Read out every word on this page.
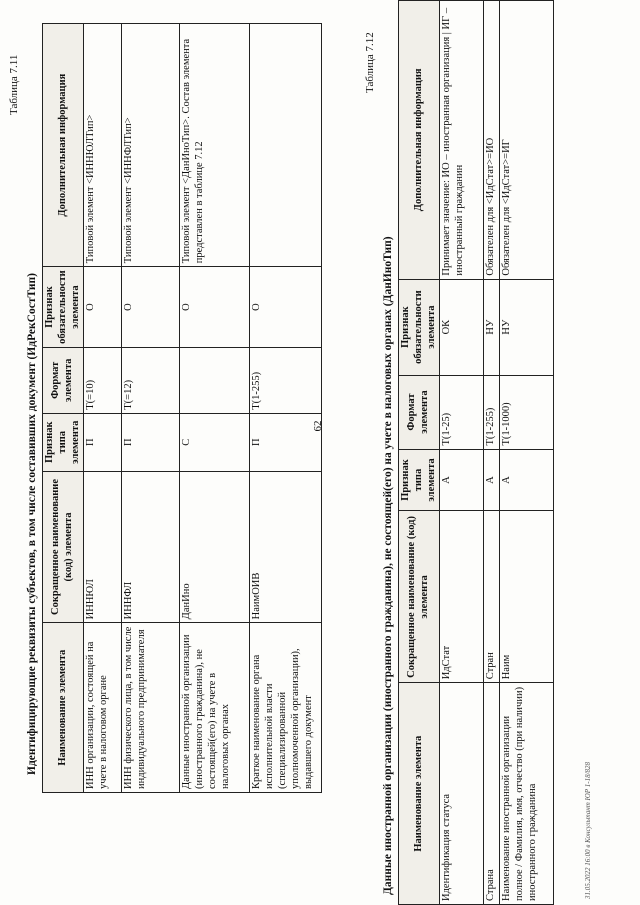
62
Таблица 7.11
Идентифицирующие реквизиты субъектов, в том числе составивших документ (ИдРекСостТип) Наименование элемента	Сокращенное наименование (код) элемента	Признак типа элемента	Формат элемента	Признак обязательности элемента	Дополнительная информация
ИНН организации, состоящей на учете в налоговом органе	ИННЮЛ	П	T(=10)	О	Типовой элемент <ИННЮЛТип>
ИНН физического лица, в том числе индивидуального предпринимателя	ИННФЛ	П	T(=12)	О	Типовой элемент <ИННФЛТип>
Данные иностранной организации (иностранного гражданина), не состоящей(его) на учете в налоговых органах	ДанИно	С		О	Типовой элемент <ДанИноТип>. Состав элемента представлен в таблице 7.12
Краткое наименование органа исполнительной власти (специализированной уполномоченной организации), выдавшего документ	НаимОИВ	П	T(1-255)	О	
Таблица 7.12
Данные иностранной организации (иностранного гражданина), не состоящей(его) на учете в налоговых органах (ДанИноТип) Наименование элемента	Сокращенное наименование (код) элемента	Признак типа элемента	Формат элемента	Признак обязательности элемента	Дополнительная информация
Идентификация статуса	ИдСтат	А	T(1-25)	ОК	Принимает значение: ИО – иностранная организация | ИГ – иностранный гражданин
Страна	Стран	А	T(1-255)	НУ	Обязателен для <ИдСтат>=ИО
Наименование иностранной организации полное / Фамилия, имя, отчество (при наличии) иностранного гражданина	Наим	А	T(1-1000)	НУ	Обязателен для <ИдСтат>=ИГ
31.05.2022 16:00 в Консультант ЮР 1-18/828
